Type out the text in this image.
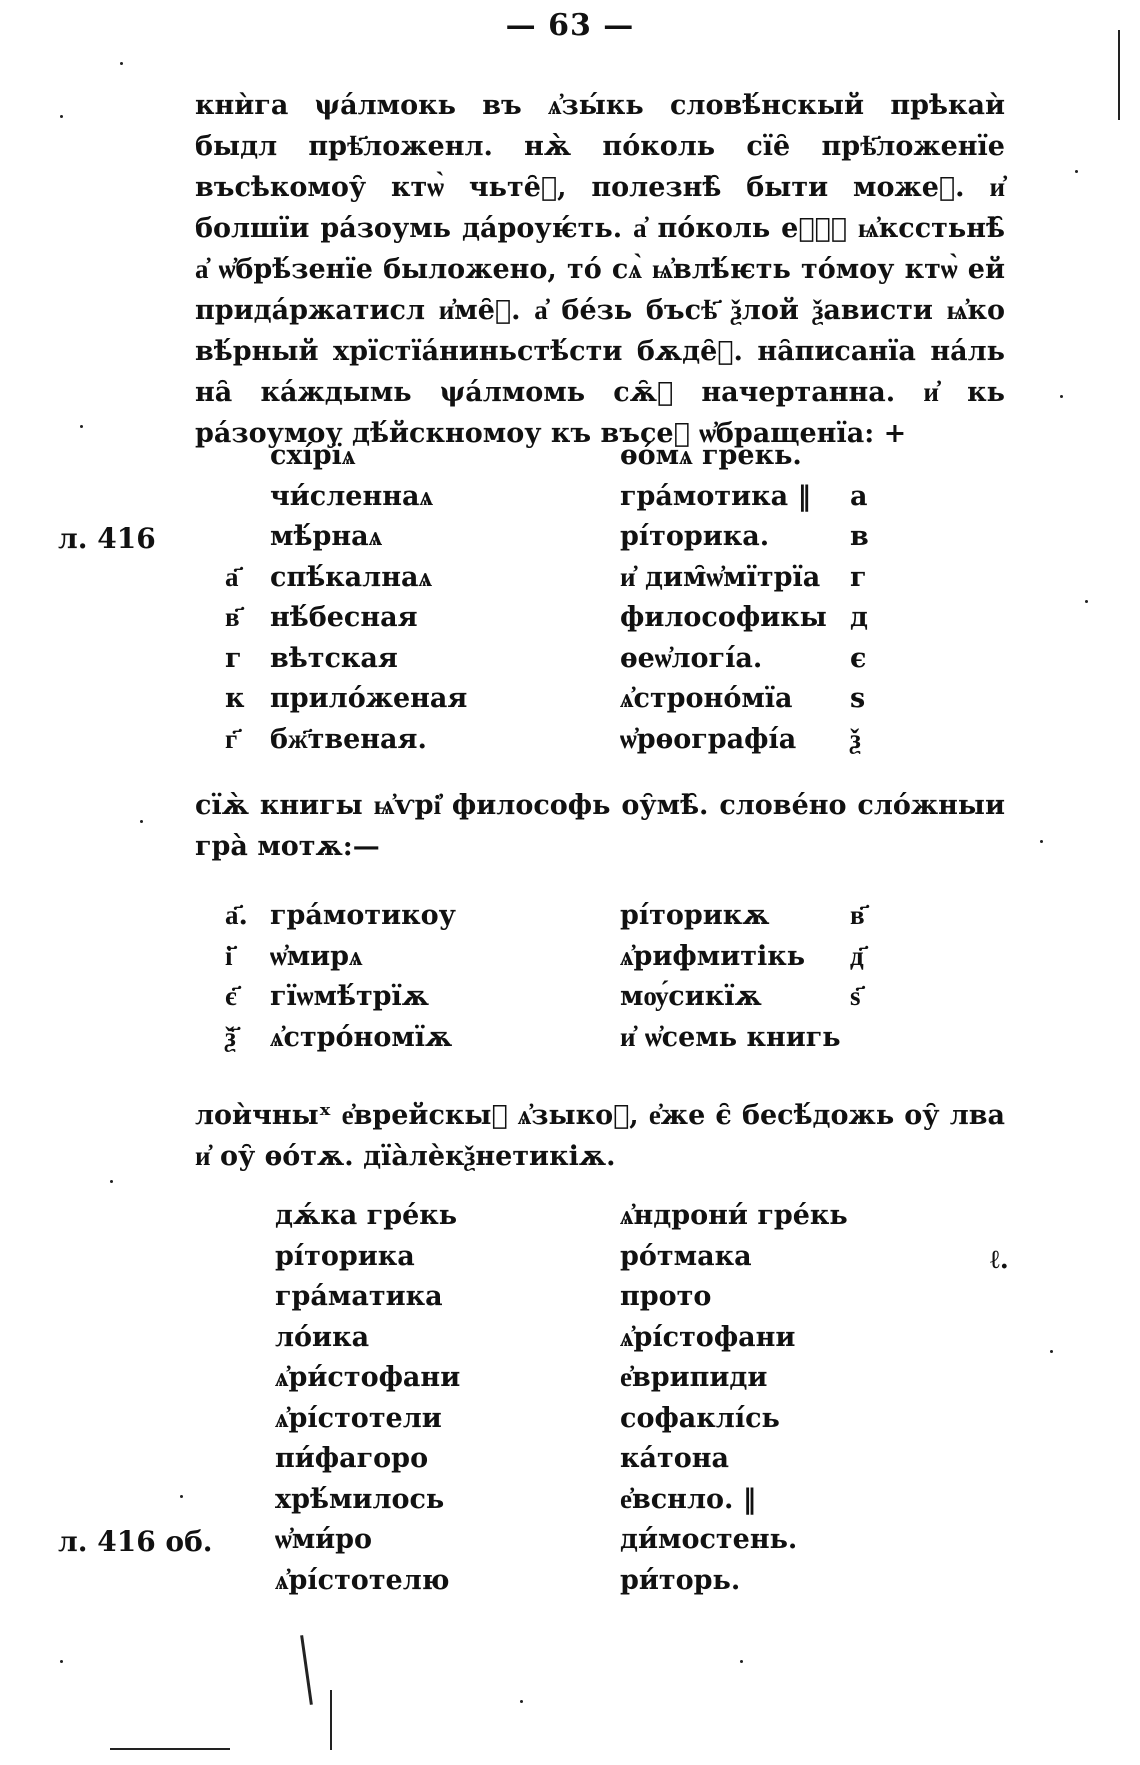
— 63 —
кнѝга ψа́лмокь въ ѧ҆зы́кь словѣ́нскый прѣкаѝ быдл прѣ҃ложенл. нѫ̀ по́коль сїе̑ прѣ҃ложенїе въсѣкомоу̑ ктѡ̀ чьте̑ⷮ, полезнѣ̑ быти можеⷮ. и҆ болшїи ра́зоумь да́роуѥ́ть. а҆ по́коль е҆ⷭ҇ ѩ҆ксстьнѣ̑ а҆ ѡ҆брѣ́зенїе быложено, то́ сѧ̀ ѩ҆влѣ́ѥть то́моу ктѡ̀ ей прида́ржатисл и҆ме̑ⷮ. а҆ бе́зь бъсѣ҃ ѯлой ѯависти ѩ҆ко вѣ́рный хрїстїа́ниньстѣ́сти бѫде̑ⷮ. на̑писанїа на́ль на̑ ка́ждымь ψа́лмомь сѫ̑ⷮ начертанна. и҆ кь ра́зоумоу дѣ́йскномоу къ въсеⷨ ѡ҆бращенїа: +
л. 416
схі́рїѧ	ѳо́мѧ грекь.
чи́сленнаѧ	гра́мотика ‖ а
мѣ́рнаѧ	рі́торика.	в
а҃ спѣ́калнаѧ	и҆ дим̑ѡ҆мїтрїа г
в҃ нѣ́бесная	философикы д
г вѣтская	ѳеѡ҆логі́а.	є
к прило́женая	ѧ҆строно́мїа ѕ
г҃ бж҃твеная.	ѡ҆рѳографі́а ѯ
сїѫ̀ книгы ѩ҆ѵрі҆ философь оу̑мѣ̑. слове́но сло́жныи гра̀ мотѫ:—
а҃. гра́мотикоу	рі́торикѫ	в҃
і҃ ѡ҆мирѧ	ѧ҆рифмитікь д҃
є҃ гїѡмѣ́трїѫ	мѹ́сикїѫ	ѕ҃
ѯ҃ ѧ҆стро́номїѫ	и҆ ѡ҆семь книгь
лоѝчныˣ е҆врейскыⷨ ѧ҆зыкоⷨ, е҆же є̑ бесѣ́дожь оу̑ лва и҆ оу̑ ѳо́тѫ. дїа̀лѐкѯнетикіѫ.
дѫ́ка гре́кь	ѧ҆ндрони́ гре́кь
рі́торика	ро́тмака
гра́матика	прото
ло́ика	ѧ҆рі́стофани
ѧ҆ри́стофани	е҆врипиди
ѧ҆рі́стотели	софаклі́сь
пи́фагоро	ка́тона
хрѣ́милось	е҆вснло. ‖
ѡ҆ми́ро	ди́мостень.
ѧ҆рі́стотелю	ри́торь.
л. 416 об.
ℓ.
